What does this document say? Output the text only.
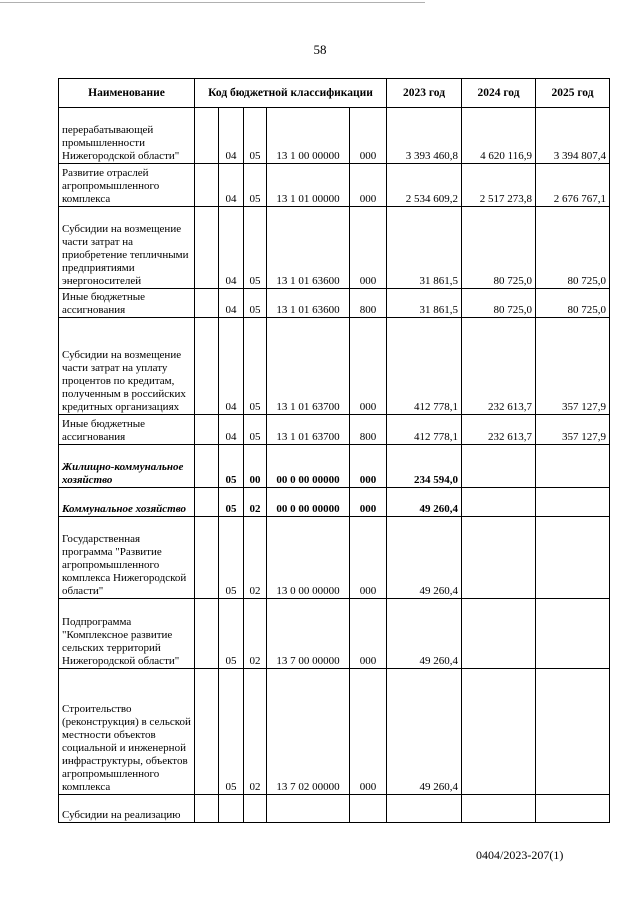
58
Наименование	Код бюджетной классификации					2023 год	2024 год	2025 год
перерабатывающей промышленности Нижегородской области"		04	05	13 1 00 00000	000	3 393 460,8	4 620 116,9	3 394 807,4
Развитие отраслей агропромышленного комплекса		04	05	13 1 01 00000	000	2 534 609,2	2 517 273,8	2 676 767,1
Субсидии на возмещение части затрат на приобретение тепличными предприятиями энергоносителей		04	05	13 1 01 63600	000	31 861,5	80 725,0	80 725,0
Иные бюджетные ассигнования		04	05	13 1 01 63600	800	31 861,5	80 725,0	80 725,0
Субсидии на возмещение части затрат на уплату процентов по кредитам, полученным в российских кредитных организациях		04	05	13 1 01 63700	000	412 778,1	232 613,7	357 127,9
Иные бюджетные ассигнования		04	05	13 1 01 63700	800	412 778,1	232 613,7	357 127,9
Жилищно-коммунальное хозяйство		05	00	00 0 00 00000	000	234 594,0		
Коммунальное хозяйство		05	02	00 0 00 00000	000	49 260,4		
Государственная программа "Развитие агропромышленного комплекса Нижегородской области"		05	02	13 0 00 00000	000	49 260,4		
Подпрограмма "Комплексное развитие сельских территорий Нижегородской области"		05	02	13 7 00 00000	000	49 260,4		
Строительство (реконструкция) в сельской местности объектов социальной и инженерной инфраструктуры, объектов агропромышленного комплекса		05	02	13 7 02 00000	000	49 260,4		
Субсидии на реализацию								
0404/2023-207(1)
